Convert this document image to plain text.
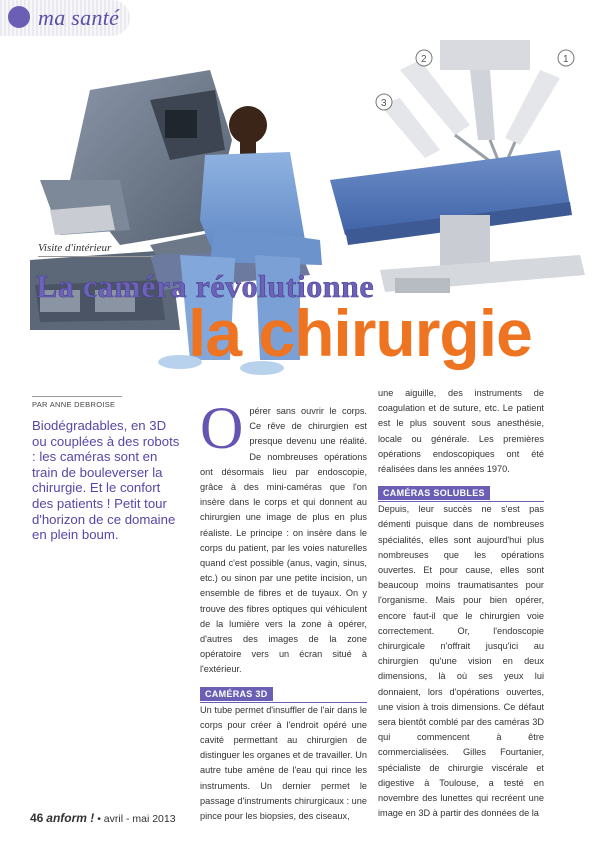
ma santé
2
3
1
Visite d'intérieur
La caméra révolutionne
la chirurgie
PAR ANNE DEBROISE
Biodégradables, en 3D ou couplées à des robots : les caméras sont en train de bouleverser la chirurgie. Et le confort des patients ! Petit tour d'horizon de ce domaine en plein boum.
O pérer sans ouvrir le corps. Ce rêve de chirurgien est presque devenu une réalité. De nombreuses opérations ont désormais lieu par endoscopie, grâce à des mini-caméras que l'on insère dans le corps et qui donnent au chirurgien une image de plus en plus réaliste. Le principe : on insère dans le corps du patient, par les voies naturelles quand c'est possible (anus, vagin, sinus, etc.) ou sinon par une petite incision, un ensemble de fibres et de tuyaux. On y trouve des fibres optiques qui véhiculent de la lumière vers la zone à opérer, d'autres des images de la zone opératoire vers un écran situé à l'extérieur.

CAMÉRAS 3D

Un tube permet d'insuffler de l'air dans le corps pour créer à l'endroit opéré une cavité permettant au chirurgien de distinguer les organes et de travailler. Un autre tube amène de l'eau qui rince les instruments. Un dernier permet le passage d'instruments chirurgicaux : une pince pour les biopsies, des ciseaux,

une aiguille, des instruments de coagulation et de suture, etc. Le patient est le plus souvent sous anesthésie, locale ou générale. Les premières opérations endoscopiques ont été réalisées dans les années 1970.

CAMÉRAS SOLUBLES

Depuis, leur succès ne s'est pas démenti puisque dans de nombreuses spécialités, elles sont aujourd'hui plus nombreuses que les opérations ouvertes. Et pour cause, elles sont beaucoup moins traumatisantes pour l'organisme. Mais pour bien opérer, encore faut-il que le chirurgien voie correctement. Or, l'endoscopie chirurgicale n'offrait jusqu'ici au chirurgien qu'une vision en deux dimensions, là où ses yeux lui donnaient, lors d'opérations ouvertes, une vision à trois dimensions. Ce défaut sera bientôt comblé par des caméras 3D qui commencent à être commercialisées. Gilles Fourtanier, spécialiste de chirurgie viscérale et digestive à Toulouse, a testé en novembre des lunettes qui recréent une image en 3D à partir des données de la

46 anform ! • avril - mai 2013
